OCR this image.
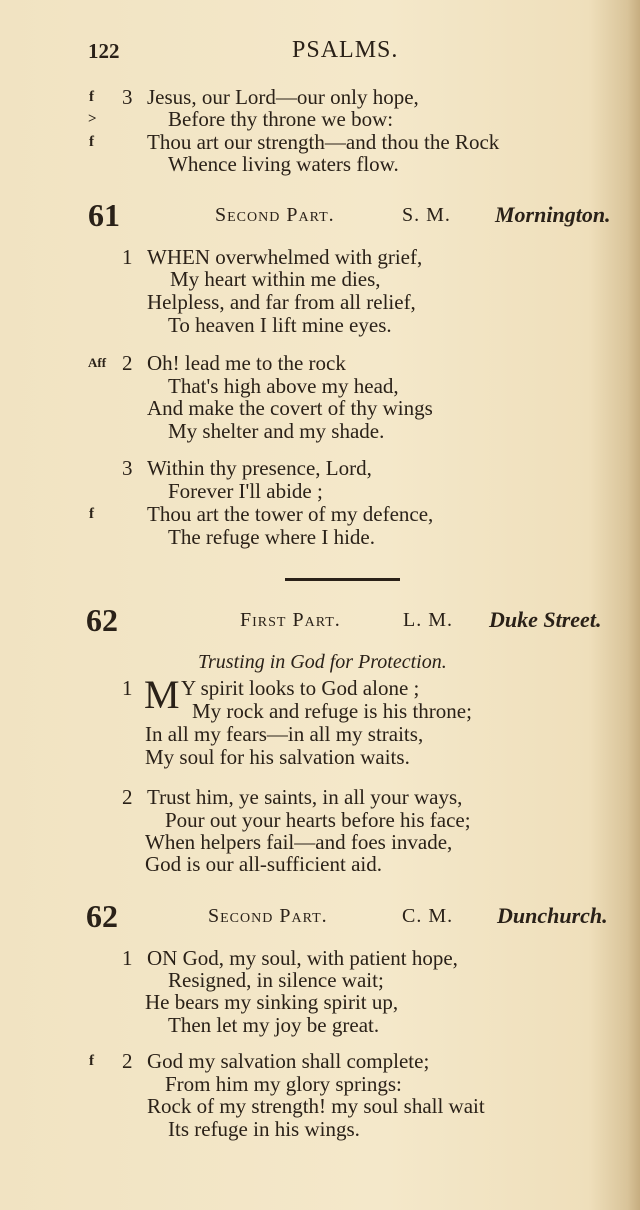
122	PSALMS.
f
>
f
3 Jesus, our Lord—our only hope,
Before thy throne we bow:
Thou art our strength—and thou the Rock
Whence living waters flow.
61	Second Part.	S. M. Mornington.
1 WHEN overwhelmed with grief,
My heart within me dies,
Helpless, and far from all relief,
To heaven I lift mine eyes.
Aff 2 Oh! lead me to the rock
That's high above my head,
And make the covert of thy wings
My shelter and my shade.
3 Within thy presence, Lord,
Forever I'll abide ;
f	Thou art the tower of my defence,
The refuge where I hide.
62	First Part.	L. M. Duke Street.
Trusting in God for Protection.
1 M Y spirit looks to God alone ;
My rock and refuge is his throne;
In all my fears—in all my straits,
My soul for his salvation waits.
2 Trust him, ye saints, in all your ways,
Pour out your hearts before his face;
When helpers fail—and foes invade,
God is our all-sufficient aid.
62	Second Part.	C. M. Dunchurch.
1 ON God, my soul, with patient hope,
Resigned, in silence wait;
He bears my sinking spirit up,
Then let my joy be great.
f 2 God my salvation shall complete;
From him my glory springs:
Rock of my strength! my soul shall wait
Its refuge in his wings.
